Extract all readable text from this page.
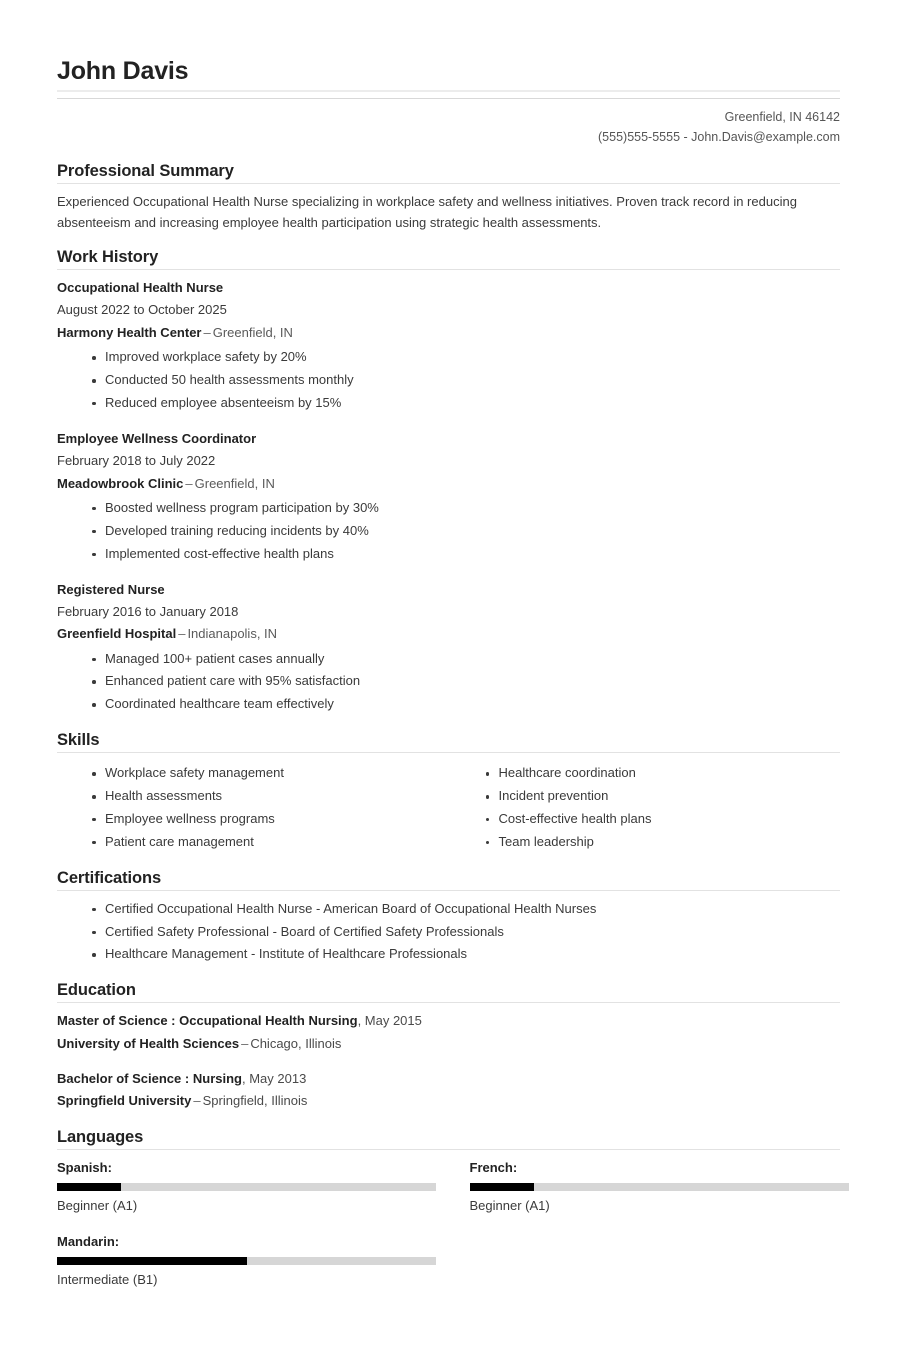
John Davis
Greenfield, IN 46142
(555)555-5555 - John.Davis@example.com
Professional Summary

Experienced Occupational Health Nurse specializing in workplace safety and wellness initiatives. Proven track record in reducing absenteeism and increasing employee health participation using strategic health assessments.

Work History
Occupational Health Nurse
August 2022 to October 2025
Harmony Health Center – Greenfield, IN
Improved workplace safety by 20%
Conducted 50 health assessments monthly
Reduced employee absenteeism by 15%
Employee Wellness Coordinator
February 2018 to July 2022
Meadowbrook Clinic – Greenfield, IN
Boosted wellness program participation by 30%
Developed training reducing incidents by 40%
Implemented cost-effective health plans
Registered Nurse
February 2016 to January 2018
Greenfield Hospital – Indianapolis, IN
Managed 100+ patient cases annually
Enhanced patient care with 95% satisfaction
Coordinated healthcare team effectively
Skills
Workplace safety management
Health assessments
Employee wellness programs
Patient care management
Healthcare coordination
Incident prevention
Cost-effective health plans
Team leadership
Certifications
Certified Occupational Health Nurse - American Board of Occupational Health Nurses
Certified Safety Professional - Board of Certified Safety Professionals
Healthcare Management - Institute of Healthcare Professionals
Education
Master of Science : Occupational Health Nursing, May 2015
University of Health Sciences – Chicago, Illinois
Bachelor of Science : Nursing, May 2013
Springfield University – Springfield, Illinois
Languages
Spanish:
Beginner (A1)
French:
Beginner (A1)
Mandarin:
Intermediate (B1)
